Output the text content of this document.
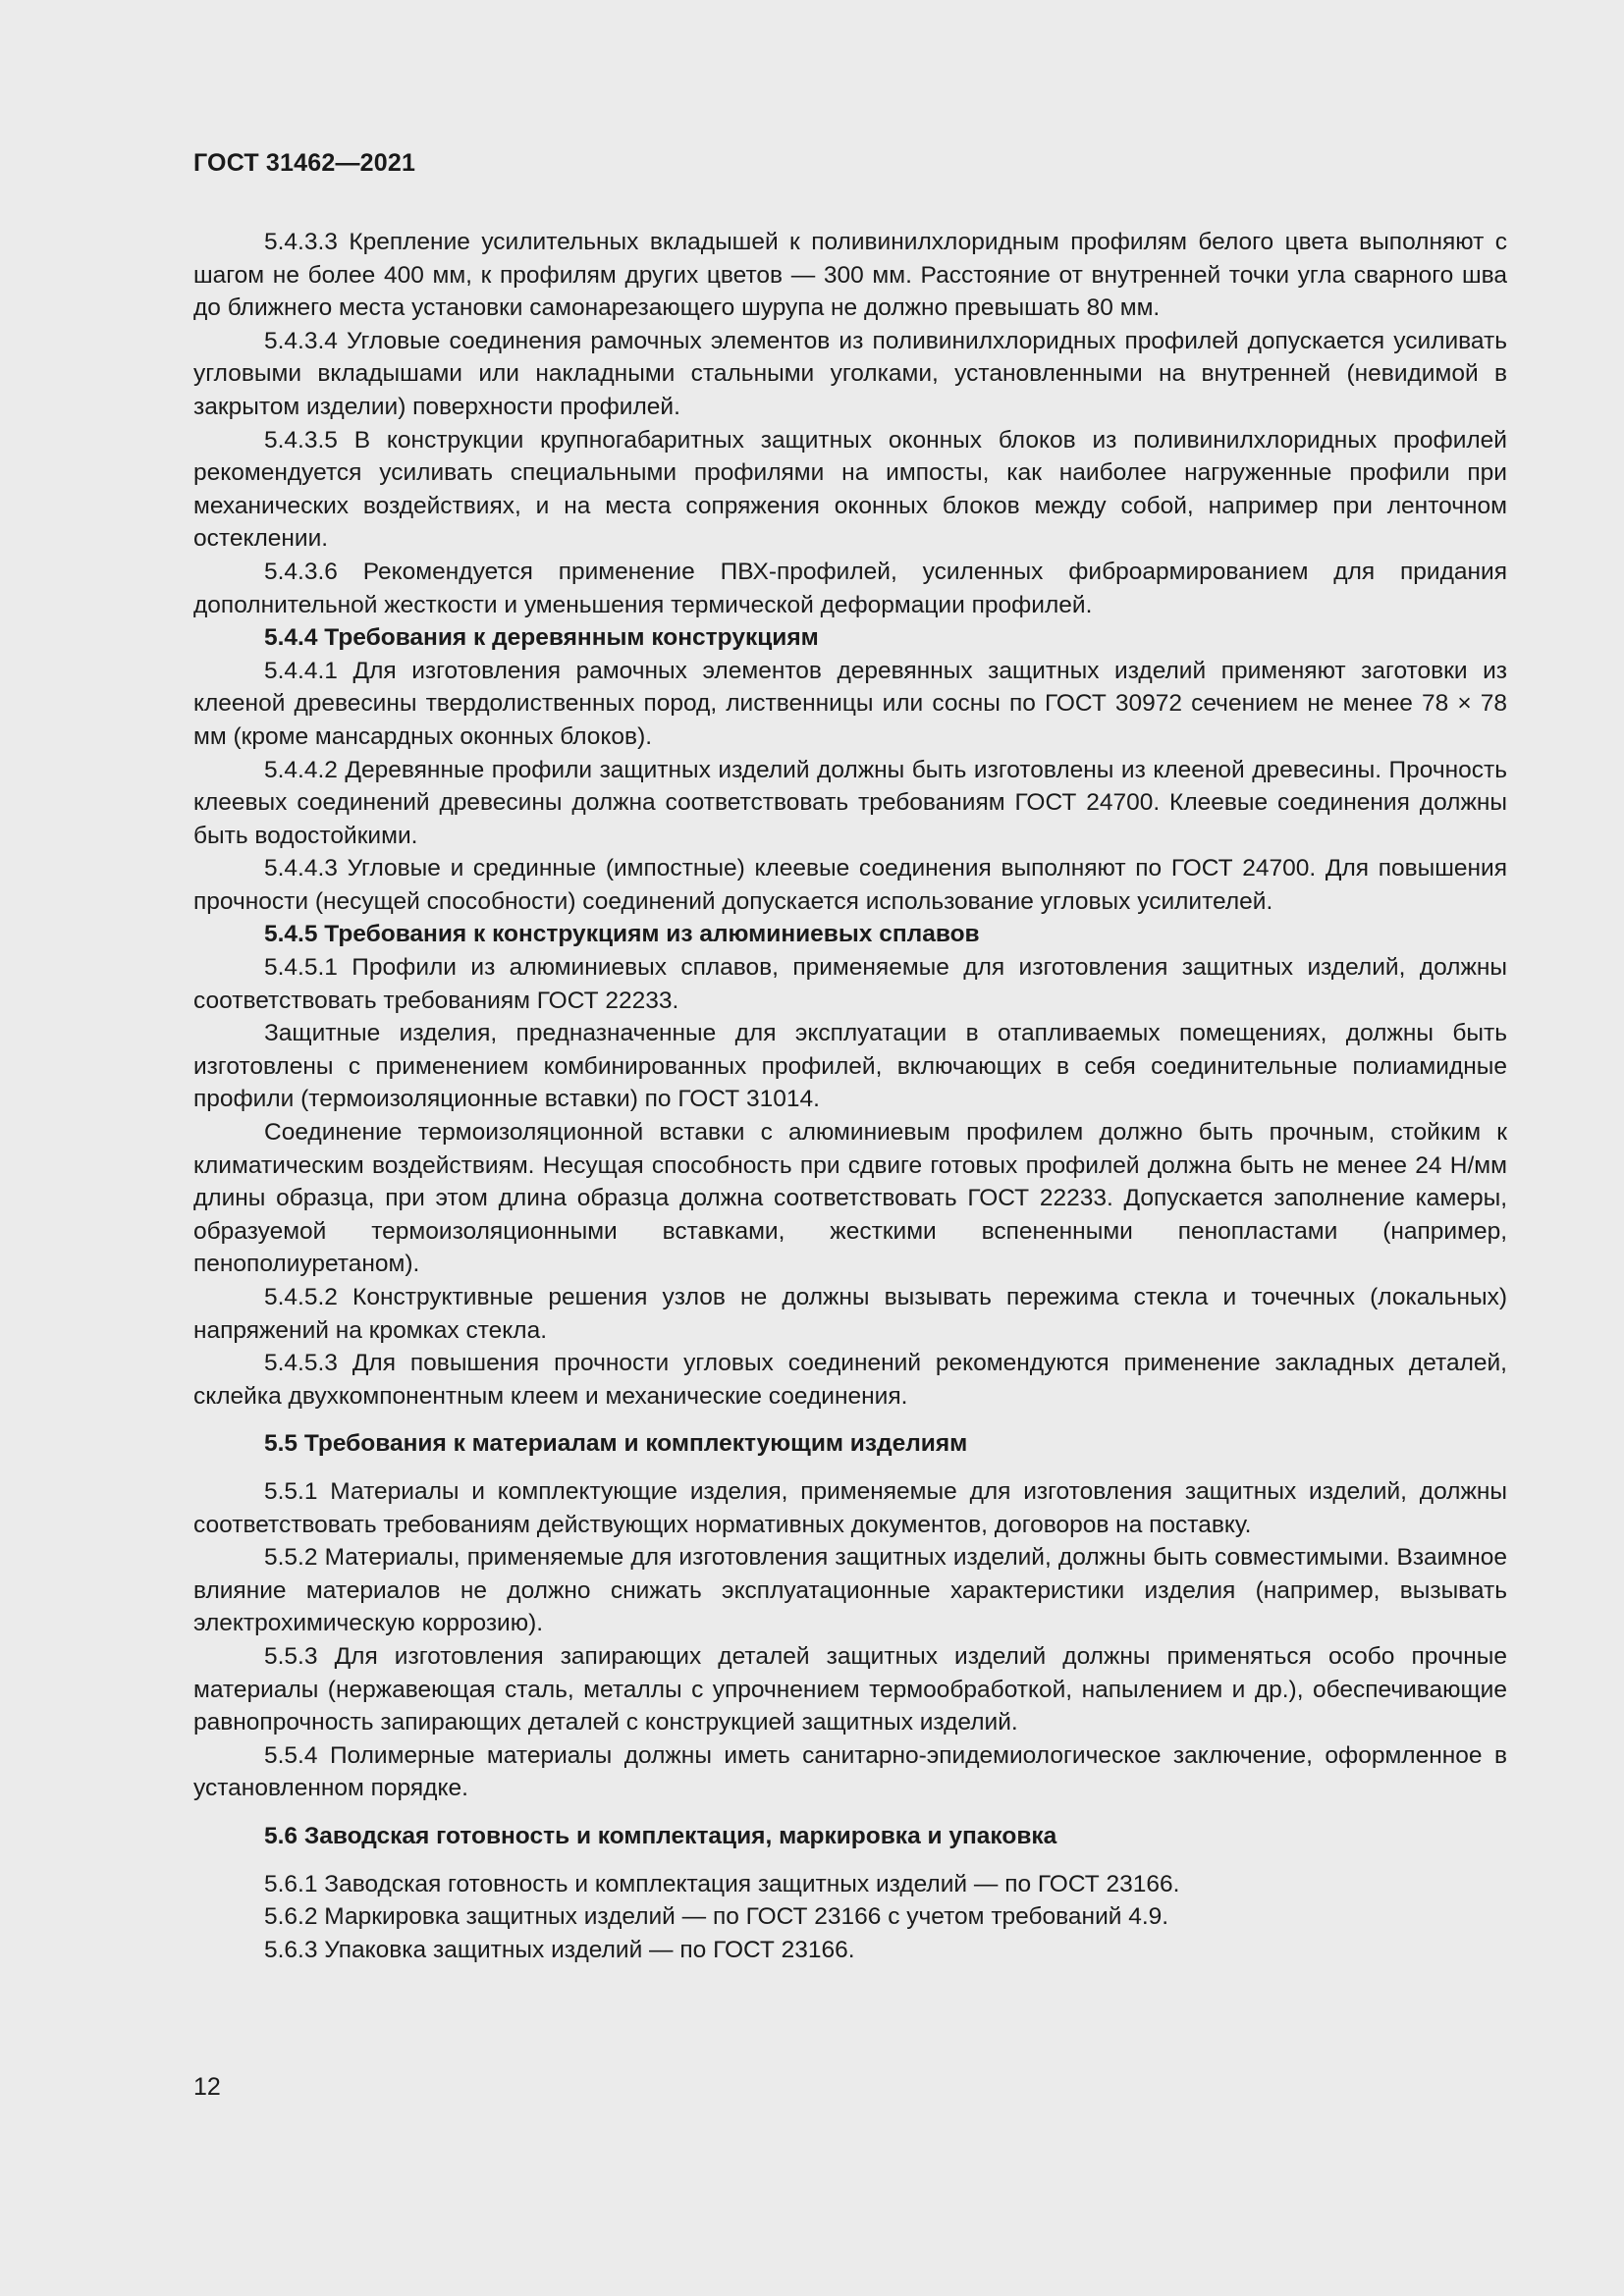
ГОСТ 31462—2021

5.4.3.3 Крепление усилительных вкладышей к поливинилхлоридным профилям белого цвета выполняют с шагом не более 400 мм, к профилям других цветов — 300 мм. Расстояние от внутренней точки угла сварного шва до ближнего места установки самонарезающего шурупа не должно превышать 80 мм.

5.4.3.4 Угловые соединения рамочных элементов из поливинилхлоридных профилей допускается усиливать угловыми вкладышами или накладными стальными уголками, установленными на внутренней (невидимой в закрытом изделии) поверхности профилей.

5.4.3.5 В конструкции крупногабаритных защитных оконных блоков из поливинилхлоридных профилей рекомендуется усиливать специальными профилями на импосты, как наиболее нагруженные профили при механических воздействиях, и на места сопряжения оконных блоков между собой, например при ленточном остеклении.

5.4.3.6 Рекомендуется применение ПВХ-профилей, усиленных фиброармированием для придания дополнительной жесткости и уменьшения термической деформации профилей.

5.4.4 Требования к деревянным конструкциям

5.4.4.1 Для изготовления рамочных элементов деревянных защитных изделий применяют заготовки из клееной древесины твердолиственных пород, лиственницы или сосны по ГОСТ 30972 сечением не менее 78 × 78 мм (кроме мансардных оконных блоков).

5.4.4.2 Деревянные профили защитных изделий должны быть изготовлены из клееной древесины. Прочность клеевых соединений древесины должна соответствовать требованиям ГОСТ 24700. Клеевые соединения должны быть водостойкими.

5.4.4.3 Угловые и срединные (импостные) клеевые соединения выполняют по ГОСТ 24700. Для повышения прочности (несущей способности) соединений допускается использование угловых усилителей.

5.4.5 Требования к конструкциям из алюминиевых сплавов

5.4.5.1 Профили из алюминиевых сплавов, применяемые для изготовления защитных изделий, должны соответствовать требованиям ГОСТ 22233.

Защитные изделия, предназначенные для эксплуатации в отапливаемых помещениях, должны быть изготовлены с применением комбинированных профилей, включающих в себя соединительные полиамидные профили (термоизоляционные вставки) по ГОСТ 31014.

Соединение термоизоляционной вставки с алюминиевым профилем должно быть прочным, стойким к климатическим воздействиям. Несущая способность при сдвиге готовых профилей должна быть не менее 24 Н/мм длины образца, при этом длина образца должна соответствовать ГОСТ 22233. Допускается заполнение камеры, образуемой термоизоляционными вставками, жесткими вспененными пенопластами (например, пенополиуретаном).

5.4.5.2 Конструктивные решения узлов не должны вызывать пережима стекла и точечных (локальных) напряжений на кромках стекла.

5.4.5.3 Для повышения прочности угловых соединений рекомендуются применение закладных деталей, склейка двухкомпонентным клеем и механические соединения.

5.5 Требования к материалам и комплектующим изделиям

5.5.1 Материалы и комплектующие изделия, применяемые для изготовления защитных изделий, должны соответствовать требованиям действующих нормативных документов, договоров на поставку.

5.5.2 Материалы, применяемые для изготовления защитных изделий, должны быть совместимыми. Взаимное влияние материалов не должно снижать эксплуатационные характеристики изделия (например, вызывать электрохимическую коррозию).

5.5.3 Для изготовления запирающих деталей защитных изделий должны применяться особо прочные материалы (нержавеющая сталь, металлы с упрочнением термообработкой, напылением и др.), обеспечивающие равнопрочность запирающих деталей с конструкцией защитных изделий.

5.5.4 Полимерные материалы должны иметь санитарно-эпидемиологическое заключение, оформленное в установленном порядке.

5.6 Заводская готовность и комплектация, маркировка и упаковка

5.6.1 Заводская готовность и комплектация защитных изделий — по ГОСТ 23166.

5.6.2 Маркировка защитных изделий — по ГОСТ 23166 с учетом требований 4.9.

5.6.3 Упаковка защитных изделий — по ГОСТ 23166.

12
